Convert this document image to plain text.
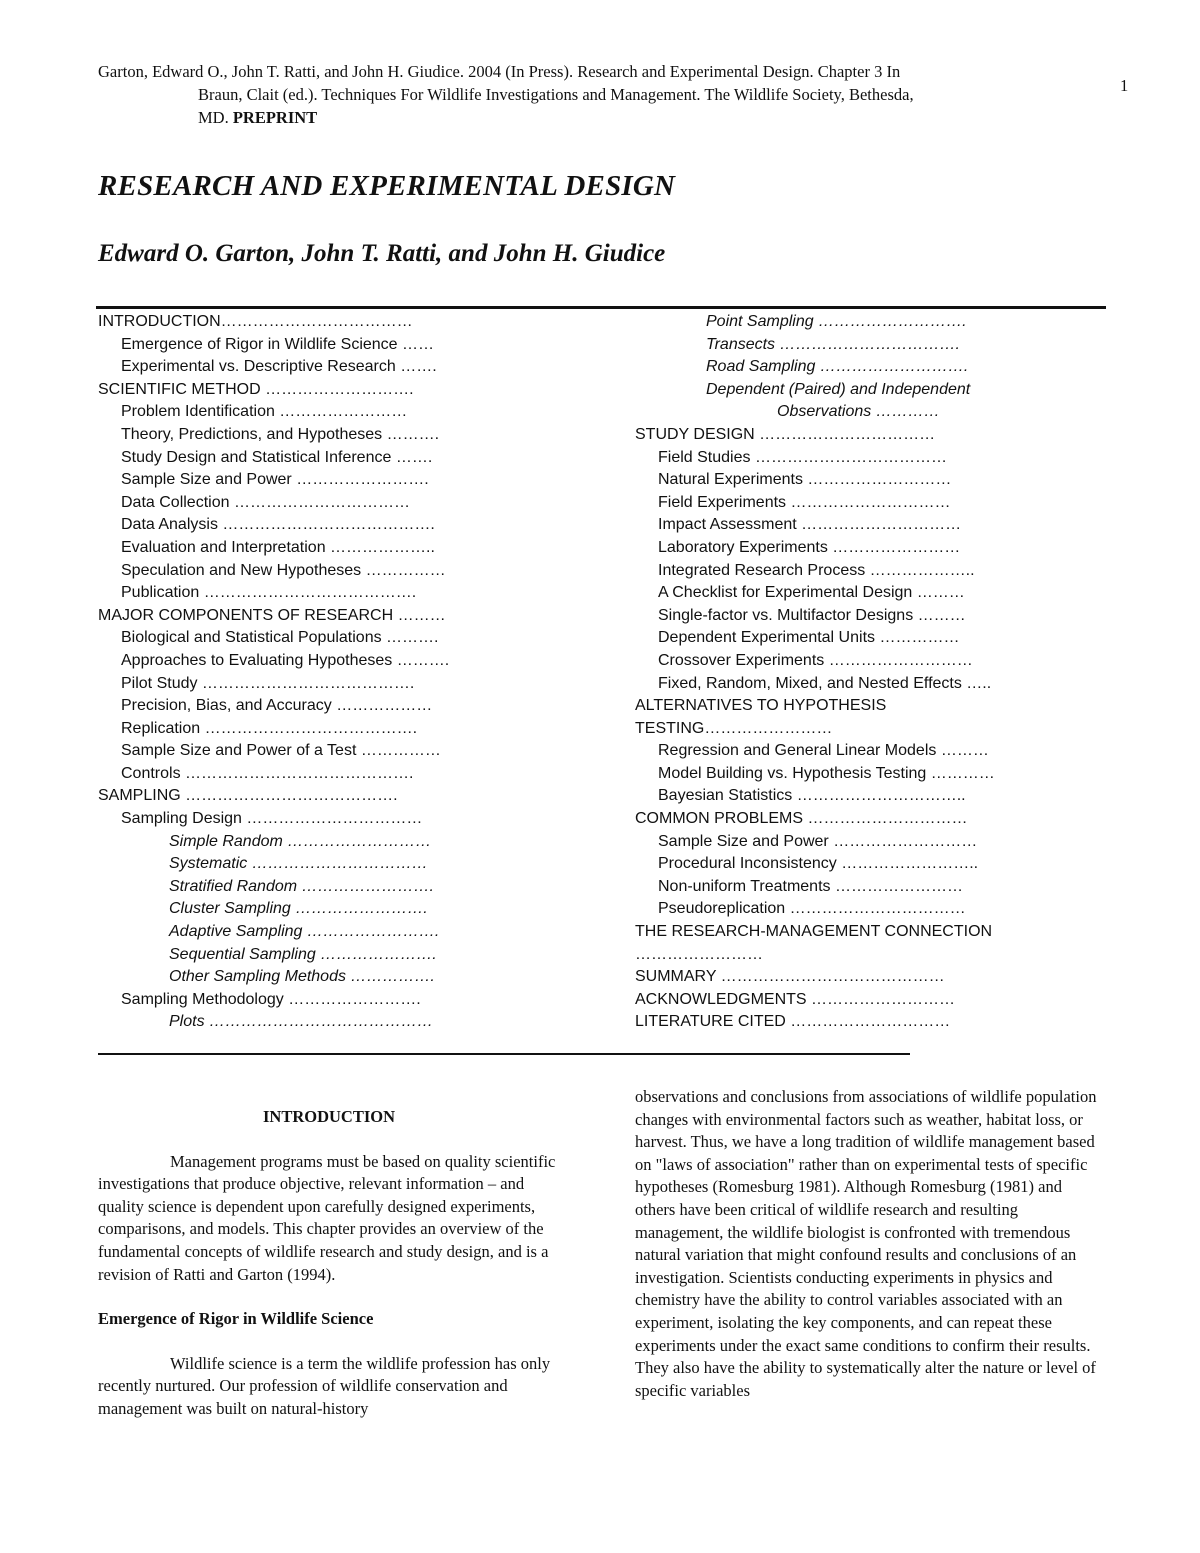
Garton, Edward O., John T. Ratti, and John H. Giudice. 2004 (In Press). Research and Experimental Design. Chapter 3 In
Braun, Clait (ed.). Techniques For Wildlife Investigations and Management. The Wildlife Society, Bethesda,
MD. PREPRINT
1
RESEARCH AND EXPERIMENTAL DESIGN
Edward O. Garton, John T. Ratti, and John H. Giudice
INTRODUCTION………………………………
Emergence of Rigor in Wildlife Science ……
Experimental vs. Descriptive Research …….
SCIENTIFIC METHOD ……………………….
Problem Identification ……………………
Theory, Predictions, and Hypotheses ……….
Study Design and Statistical Inference …….
Sample Size and Power …………………….
Data Collection ……………………………
Data Analysis ………………………………….
Evaluation and Interpretation ………………..
Speculation and New Hypotheses ……………
Publication ………………………………….
MAJOR COMPONENTS OF RESEARCH ………
Biological and Statistical Populations ……….
Approaches to Evaluating Hypotheses ……….
Pilot Study ………………………………….
Precision, Bias, and Accuracy ………………
Replication ………………………………….
Sample Size and Power of a Test ……………
Controls …………………………………….
SAMPLING ………………………………….
Sampling Design ……………………………
Simple Random ………………………
Systematic ……………………………
Stratified Random …………………….
Cluster Sampling …………………….
Adaptive Sampling …………………….
Sequential Sampling ………………….
Other Sampling Methods …………….
Sampling Methodology …………………….
Plots ……………………………………
Point Sampling ……………………….
Transects …………………………….
Road Sampling ……………………….
Dependent (Paired) and Independent
Observations …………
STUDY DESIGN ……………………………
Field Studies ………………………………
Natural Experiments ………………………
Field Experiments …………………………
Impact Assessment …………………………
Laboratory Experiments ……………………
Integrated Research Process ………………..
A Checklist for Experimental Design ………
Single-factor vs. Multifactor Designs ………
Dependent Experimental Units ……………
Crossover Experiments ………………………
Fixed, Random, Mixed, and Nested Effects …..
ALTERNATIVES TO HYPOTHESIS
TESTING……………………
Regression and General Linear Models ………
Model Building vs. Hypothesis Testing …………
Bayesian Statistics …………………………..
COMMON PROBLEMS …………………………
Sample Size and Power ………………………
Procedural Inconsistency ……………………..
Non-uniform Treatments ……………………
Pseudoreplication ……………………………
THE RESEARCH-MANAGEMENT CONNECTION
……………………
SUMMARY ……………………………………
ACKNOWLEDGMENTS ………………………
LITERATURE CITED …………………………

INTRODUCTION

Management programs must be based on quality scientific investigations that produce objective, relevant information – and quality science is dependent upon carefully designed experiments, comparisons, and models. This chapter provides an overview of the fundamental concepts of wildlife research and study design, and is a revision of Ratti and Garton (1994).

Emergence of Rigor in Wildlife Science

Wildlife science is a term the wildlife profession has only recently nurtured. Our profession of wildlife conservation and management was built on natural-history

observations and conclusions from associations of wildlife population changes with environmental factors such as weather, habitat loss, or harvest. Thus, we have a long tradition of wildlife management based on "laws of association" rather than on experimental tests of specific hypotheses (Romesburg 1981). Although Romesburg (1981) and others have been critical of wildlife research and resulting management, the wildlife biologist is confronted with tremendous natural variation that might confound results and conclusions of an investigation. Scientists conducting experiments in physics and chemistry have the ability to control variables associated with an experiment, isolating the key components, and can repeat these experiments under the exact same conditions to confirm their results. They also have the ability to systematically alter the nature or level of specific variables
